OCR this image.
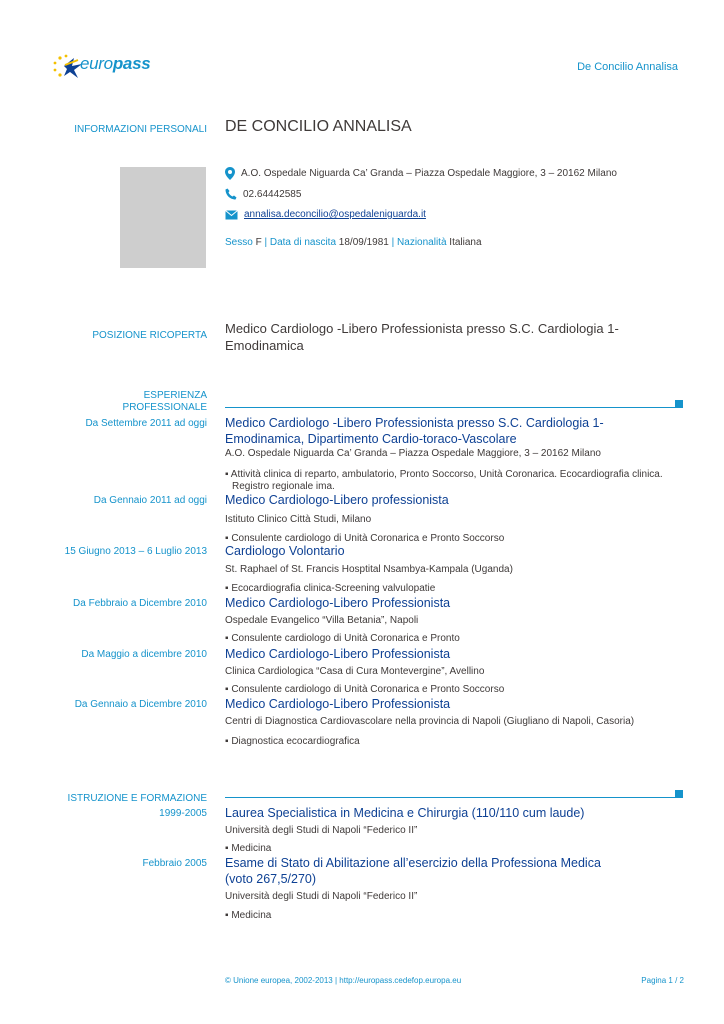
europass	De Concilio Annalisa
INFORMAZIONI PERSONALI DE CONCILIO ANNALISA
A.O. Ospedale Niguarda Ca’ Granda – Piazza Ospedale Maggiore, 3 – 20162 Milano
02.64442585
annalisa.deconcilio@ospedaleniguarda.it
Sesso F | Data di nascita 18/09/1981 | Nazionalità Italiana
POSIZIONE RICOPERTA Medico Cardiologo -Libero Professionista presso S.C. Cardiologia 1-
Emodinamica
ESPERIENZA
PROFESSIONALE
Da Settembre 2011 ad oggi Medico Cardiologo -Libero Professionista presso S.C. Cardiologia 1-
Emodinamica, Dipartimento Cardio-toraco-Vascolare
A.O. Ospedale Niguarda Ca’ Granda – Piazza Ospedale Maggiore, 3 – 20162 Milano
▪ Attività clinica di reparto, ambulatorio, Pronto Soccorso, Unità Coronarica. Ecocardiografia clinica.
Registro regionale ima.
Da Gennaio 2011 ad oggi Medico Cardiologo-Libero professionista
Istituto Clinico Città Studi, Milano
▪ Consulente cardiologo di Unità Coronarica e Pronto Soccorso
15 Giugno 2013 – 6 Luglio 2013 Cardiologo Volontario
St. Raphael of St. Francis Hosptital Nsambya-Kampala (Uganda)
▪ Ecocardiografia clinica-Screening valvulopatie
Da Febbraio a Dicembre 2010 Medico Cardiologo-Libero Professionista
Ospedale Evangelico “Villa Betania”, Napoli
▪ Consulente cardiologo di Unità Coronarica e Pronto
Da Maggio a dicembre 2010 Medico Cardiologo-Libero Professionista
Clinica Cardiologica “Casa di Cura Montevergine”, Avellino
▪ Consulente cardiologo di Unità Coronarica e Pronto Soccorso
Da Gennaio a Dicembre 2010 Medico Cardiologo-Libero Professionista
Centri di Diagnostica Cardiovascolare nella provincia di Napoli (Giugliano di Napoli, Casoria)
▪ Diagnostica ecocardiografica
ISTRUZIONE E FORMAZIONE
1999-2005 Laurea Specialistica in Medicina e Chirurgia (110/110 cum laude)
Università degli Studi di Napoli “Federico II”
▪ Medicina
Febbraio 2005 Esame di Stato di Abilitazione all’esercizio della Professiona Medica
(voto 267,5/270)
Università degli Studi di Napoli “Federico II”
▪ Medicina
© Unione europea, 2002-2013 | http://europass.cedefop.europa.eu	Pagina 1 / 2
